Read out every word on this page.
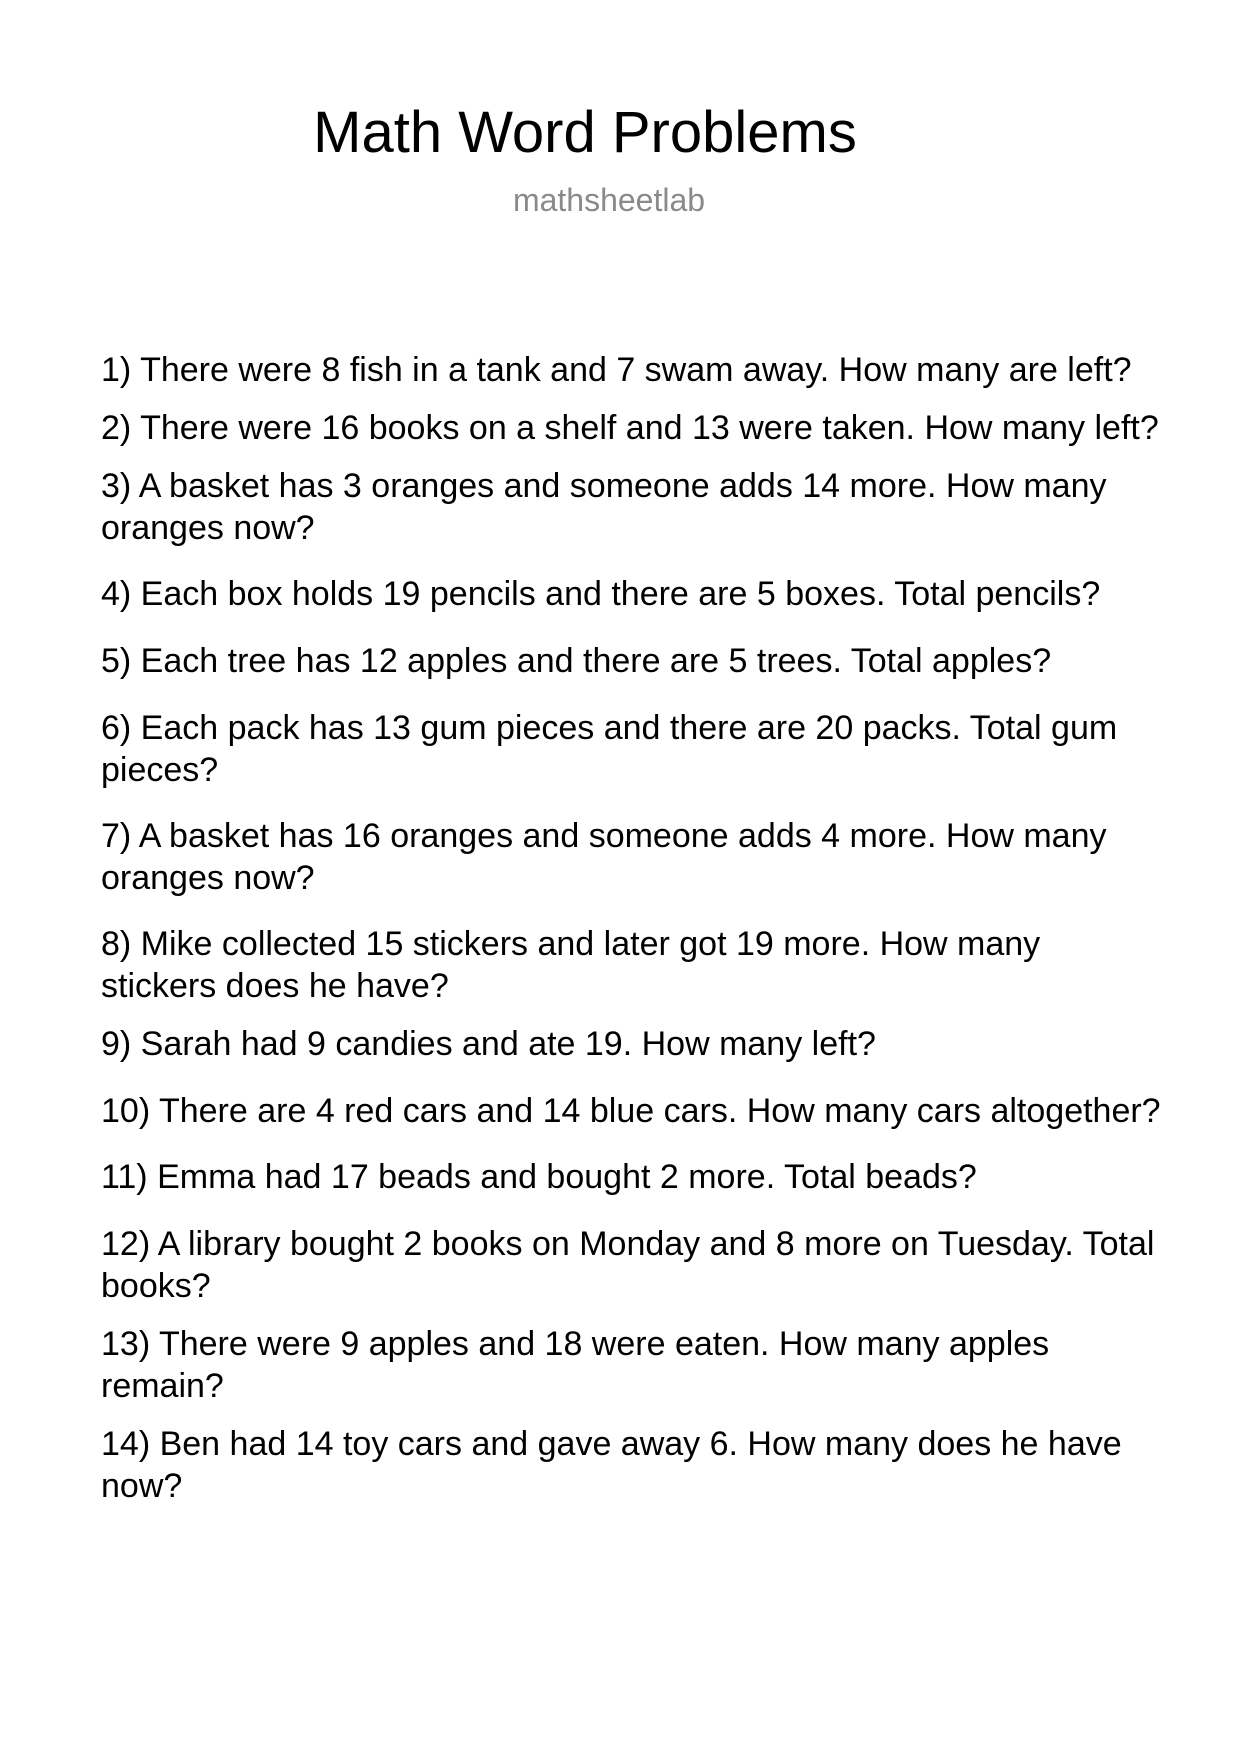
Math Word Problems
mathsheetlab
1) There were 8 fish in a tank and 7 swam away. How many are left?
2) There were 16 books on a shelf and 13 were taken. How many left?
3) A basket has 3 oranges and someone adds 14 more. How many oranges now?
4) Each box holds 19 pencils and there are 5 boxes. Total pencils?
5) Each tree has 12 apples and there are 5 trees. Total apples?
6) Each pack has 13 gum pieces and there are 20 packs. Total gum pieces?
7) A basket has 16 oranges and someone adds 4 more. How many oranges now?
8) Mike collected 15 stickers and later got 19 more. How many stickers does he have?
9) Sarah had 9 candies and ate 19. How many left?
10) There are 4 red cars and 14 blue cars. How many cars altogether?
11) Emma had 17 beads and bought 2 more. Total beads?
12) A library bought 2 books on Monday and 8 more on Tuesday. Total books?
13) There were 9 apples and 18 were eaten. How many apples remain?
14) Ben had 14 toy cars and gave away 6. How many does he have now?
